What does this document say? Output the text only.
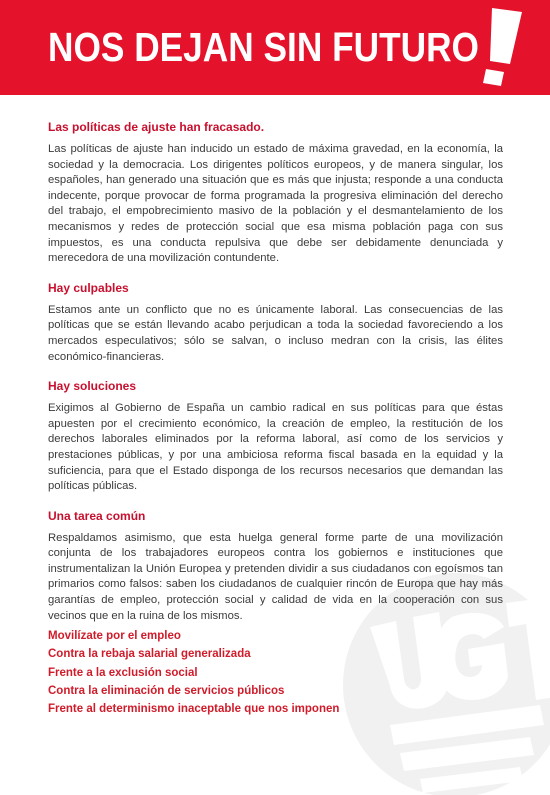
NOS DEJAN SIN FUTURO
Las políticas de ajuste han fracasado.
Las políticas de ajuste han inducido un estado de máxima gravedad, en la economía, la sociedad y la democracia. Los dirigentes políticos europeos, y de manera singular, los españoles, han generado una situación que es más que injusta; responde a una conducta indecente, porque provocar de forma programada la progresiva eliminación del derecho del trabajo, el empobrecimiento masivo de la población y el desmantelamiento de los mecanismos y redes de protección social que esa misma población paga con sus impuestos, es una conducta repulsiva que debe ser debidamente denunciada y merecedora de una movilización contundente.
Hay culpables
Estamos ante un conflicto que no es únicamente laboral. Las consecuencias de las políticas que se están llevando acabo perjudican a toda la sociedad favoreciendo a los mercados especulativos; sólo se salvan, o incluso medran con la crisis, las élites económico-financieras.
Hay soluciones
Exigimos al Gobierno de España un cambio radical en sus políticas para que éstas apuesten por el crecimiento económico, la creación de empleo, la restitución de los derechos laborales eliminados por la reforma laboral, así como de los servicios y prestaciones públicas, y por una ambiciosa reforma fiscal basada en la equidad y la suficiencia, para que el Estado disponga de los recursos necesarios que demandan las políticas públicas.
Una tarea común
Respaldamos asimismo, que esta huelga general forme parte de una movilización conjunta de los trabajadores europeos contra los gobiernos e instituciones que instrumentalizan la Unión Europea y pretenden dividir a sus ciudadanos con egoísmos tan primarios como falsos: saben los ciudadanos de cualquier rincón de Europa que hay más garantías de empleo, protección social y calidad de vida en la cooperación con sus vecinos que en la ruina de los mismos.
Movilízate por el empleo
Contra la rebaja salarial generalizada
Frente a la exclusión social
Contra la eliminación de servicios públicos
Frente al determinismo inaceptable que nos imponen
